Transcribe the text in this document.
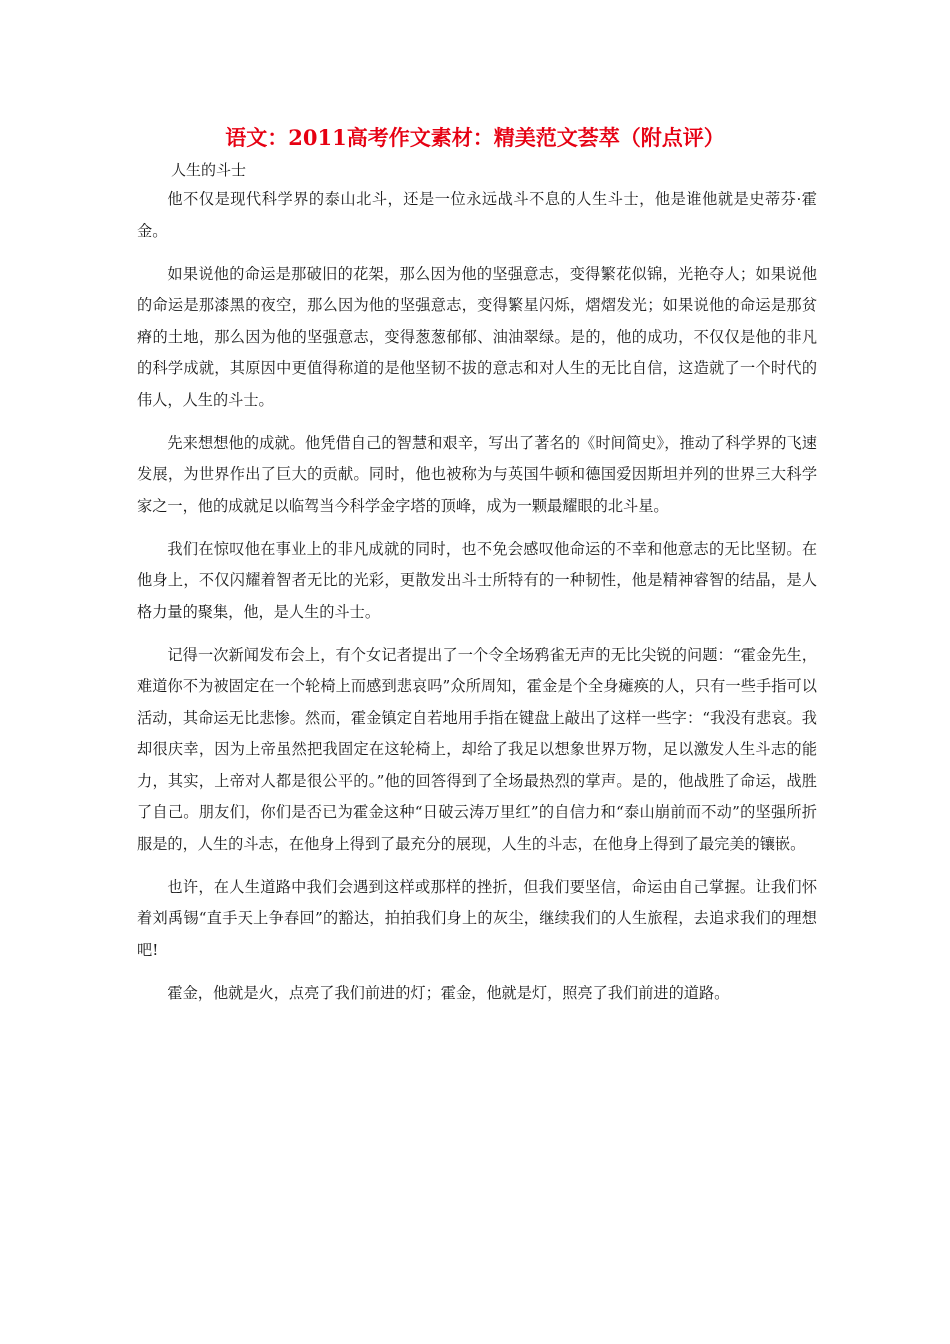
语文：2011高考作文素材：精美范文荟萃（附点评）
人生的斗士

他不仅是现代科学界的泰山北斗，还是一位永远战斗不息的人生斗士，他是谁他就是史蒂芬·霍金。

如果说他的命运是那破旧的花架，那么因为他的坚强意志，变得繁花似锦，光艳夺人；如果说他的命运是那漆黑的夜空，那么因为他的坚强意志，变得繁星闪烁，熠熠发光；如果说他的命运是那贫瘠的土地，那么因为他的坚强意志，变得葱葱郁郁、油油翠绿。是的，他的成功，不仅仅是他的非凡的科学成就，其原因中更值得称道的是他坚韧不拔的意志和对人生的无比自信，这造就了一个时代的伟人，人生的斗士。

先来想想他的成就。他凭借自己的智慧和艰辛，写出了著名的《时间简史》，推动了科学界的飞速发展，为世界作出了巨大的贡献。同时，他也被称为与英国牛顿和德国爱因斯坦并列的世界三大科学家之一，他的成就足以临驾当今科学金字塔的顶峰，成为一颗最耀眼的北斗星。

我们在惊叹他在事业上的非凡成就的同时，也不免会感叹他命运的不幸和他意志的无比坚韧。在他身上，不仅闪耀着智者无比的光彩，更散发出斗士所特有的一种韧性，他是精神睿智的结晶，是人格力量的聚集，他，是人生的斗士。

记得一次新闻发布会上，有个女记者提出了一个令全场鸦雀无声的无比尖锐的问题：“霍金先生，难道你不为被固定在一个轮椅上而感到悲哀吗”众所周知，霍金是个全身瘫痪的人，只有一些手指可以活动，其命运无比悲惨。然而，霍金镇定自若地用手指在键盘上敲出了这样一些字：“我没有悲哀。我却很庆幸，因为上帝虽然把我固定在这轮椅上，却给了我足以想象世界万物，足以激发人生斗志的能力，其实，上帝对人都是很公平的。”他的回答得到了全场最热烈的掌声。是的，他战胜了命运，战胜了自己。朋友们，你们是否已为霍金这种“日破云涛万里红”的自信力和“泰山崩前而不动”的坚强所折服是的，人生的斗志，在他身上得到了最充分的展现，人生的斗志，在他身上得到了最完美的镶嵌。

也许，在人生道路中我们会遇到这样或那样的挫折，但我们要坚信，命运由自己掌握。让我们怀着刘禹锡“直手天上争春回”的豁达，拍拍我们身上的灰尘，继续我们的人生旅程，去追求我们的理想吧!

霍金，他就是火，点亮了我们前进的灯；霍金，他就是灯，照亮了我们前进的道路。
